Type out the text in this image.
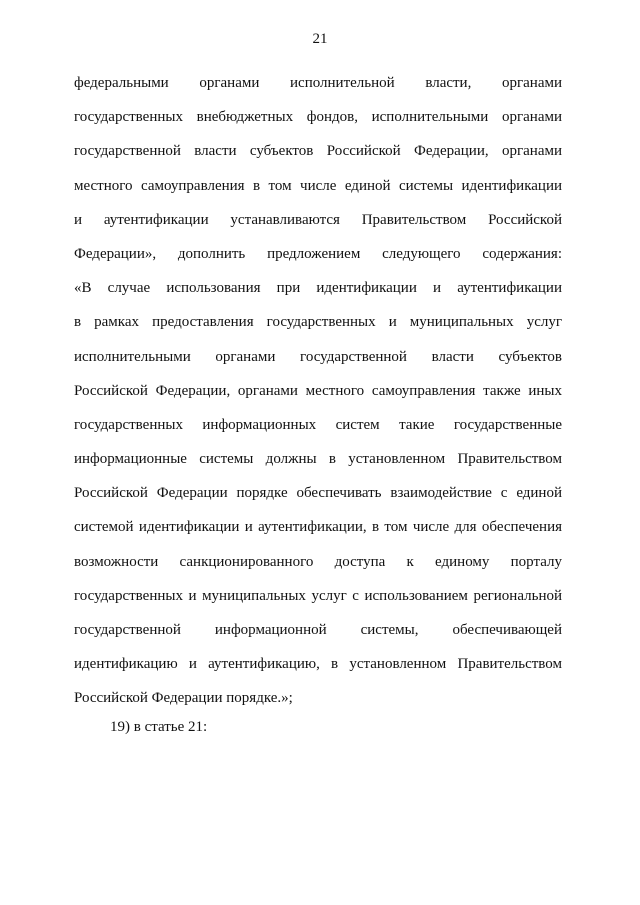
21
федеральными органами исполнительной власти, органами
государственных внебюджетных фондов, исполнительными органами
государственной власти субъектов Российской Федерации, органами
местного самоуправления в том числе единой системы идентификации
и аутентификации устанавливаются Правительством Российской
Федерации», дополнить предложением следующего содержания:
«В случае использования при идентификации и аутентификации
в рамках предоставления государственных и муниципальных услуг
исполнительными органами государственной власти субъектов
Российской Федерации, органами местного самоуправления также иных
государственных информационных систем такие государственные
информационные системы должны в установленном Правительством
Российской Федерации порядке обеспечивать взаимодействие с единой
системой идентификации и аутентификации, в том числе для обеспечения
возможности санкционированного доступа к единому порталу
государственных и муниципальных услуг с использованием региональной
государственной информационной системы, обеспечивающей
идентификацию и аутентификацию, в установленном Правительством
Российской Федерации порядке.»;
19) в статье 21:
